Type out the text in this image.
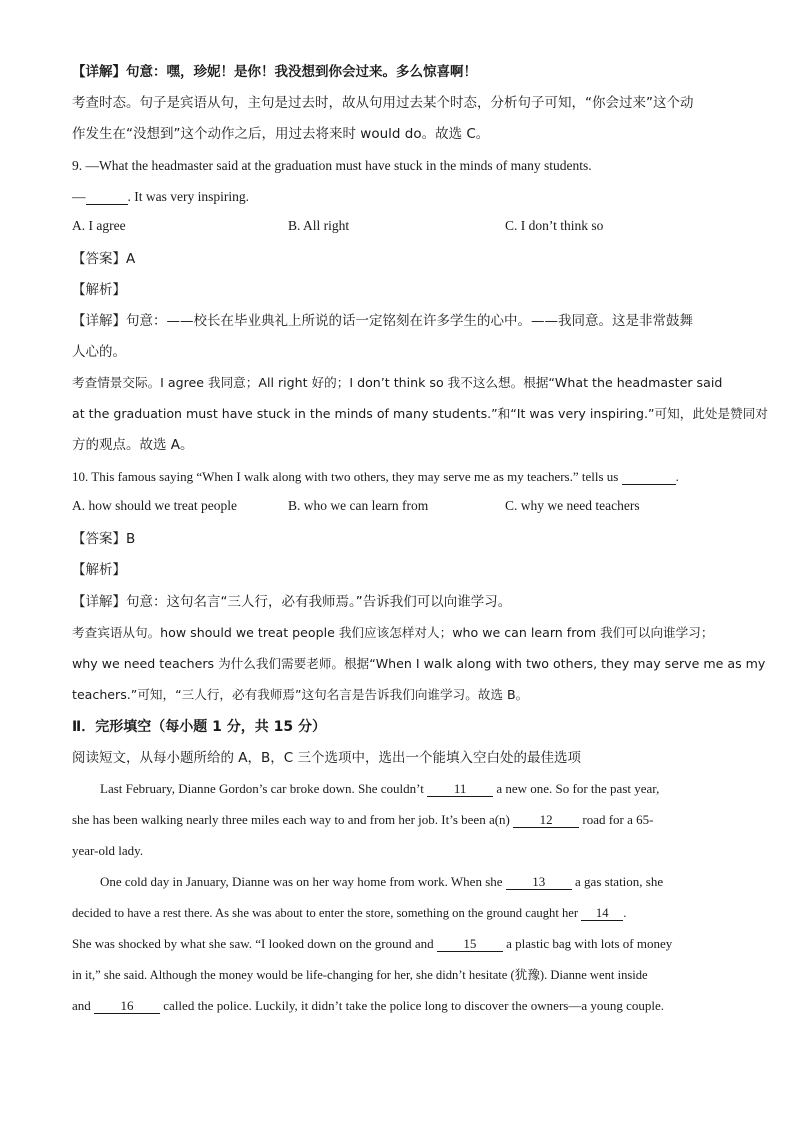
【详解】句意：嘿，珍妮！是你！我没想到你会过来。多么惊喜啊！
考查时态。句子是宾语从句，主句是过去时，故从句用过去某个时态，分析句子可知，“你会过来”这个动
作发生在“没想到”这个动作之后，用过去将来时 would do。故选 C。
9. —What the headmaster said at the graduation must have stuck in the minds of many students.
—	. It was very inspiring.
A. I agree	B. All right	C. I don’t think so
【答案】A
【解析】
【详解】句意：——校长在毕业典礼上所说的话一定铭刻在许多学生的心中。——我同意。这是非常鼓舞
人心的。
考查情景交际。I agree 我同意；All right 好的；I don’t think so 我不这么想。根据“What the headmaster said
at the graduation must have stuck in the minds of many students.”和“It was very inspiring.”可知，此处是赞同对
方的观点。故选 A。
10. This famous saying “When I walk along with two others, they may serve me as my teachers.” tells us	.
A. how should we treat people	B. who we can learn from	C. why we need teachers
【答案】B
【解析】
【详解】句意：这句名言“三人行，必有我师焉。”告诉我们可以向谁学习。
考查宾语从句。how should we treat people 我们应该怎样对人；who we can learn from 我们可以向谁学习；
why we need teachers 为什么我们需要老师。根据“When I walk along with two others, they may serve me as my
teachers.”可知，“三人行，必有我师焉”这句名言是告诉我们向谁学习。故选 B。
Ⅱ．完形填空（每小题 1 分，共 15 分）
阅读短文，从每小题所给的 A，B，C 三个选项中，选出一个能填入空白处的最佳选项
Last February, Dianne Gordon’s car broke down. She couldn’t 11 a new one. So for the past year,
she has been walking nearly three miles each way to and from her job. It’s been a(n) 12 road for a 65-
year-old lady.
One cold day in January, Dianne was on her way home from work. When she 13 a gas station, she
decided to have a rest there. As she was about to enter the store, something on the ground caught her 14 .
She was shocked by what she saw. “I looked down on the ground and 15 a plastic bag with lots of money
in it,” she said. Although the money would be life-changing for her, she didn’t hesitate (犹豫). Dianne went inside
and 16 called the police. Luckily, it didn’t take the police long to discover the owners—a young couple.
